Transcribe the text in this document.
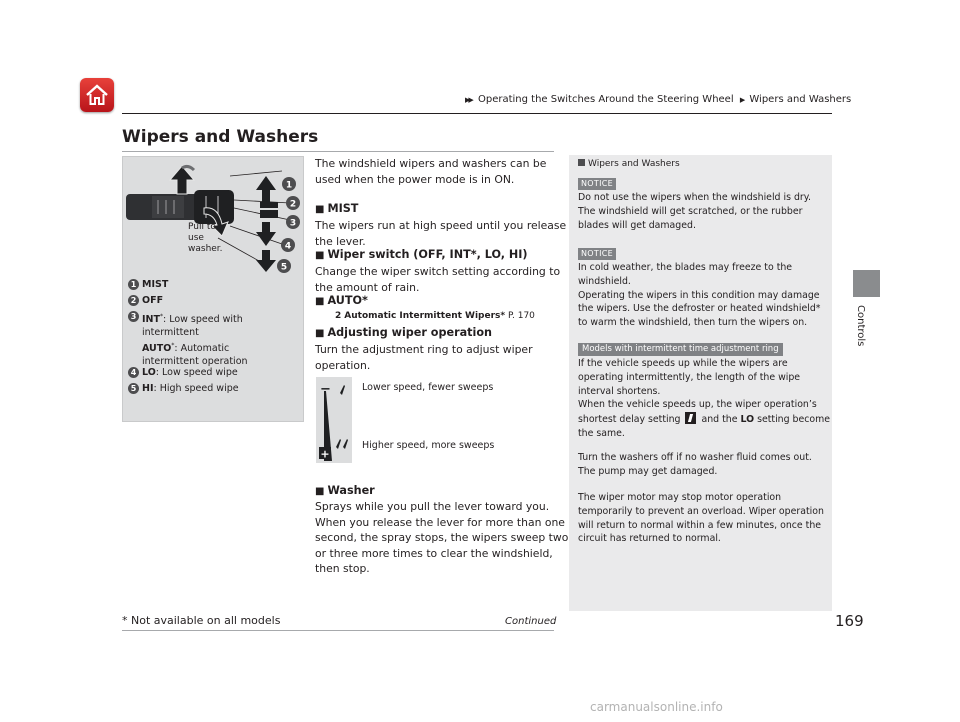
▶▶ Operating the Switches Around the Steering Wheel ▶ Wipers and Washers
Wipers and Washers
Controls
1
2
3
4
5
Pull to
use
washer.
1 MIST
2 OFF
3 INT*: Low speed with
intermittent
AUTO*: Automatic
intermittent operation
4 LO: Low speed wipe
5 HI: High speed wipe
The windshield wipers and washers can be
used when the power mode is in ON.
■ MIST
The wipers run at high speed until you release
the lever.
■ Wiper switch (OFF, INT*, LO, HI)
Change the wiper switch setting according to
the amount of rain.
■ AUTO*
2 Automatic Intermittent Wipers* P. 170
■ Adjusting wiper operation
Turn the adjustment ring to adjust wiper
operation.
−
+
Lower speed, fewer sweeps
Higher speed, more sweeps
■ Washer
Sprays while you pull the lever toward you.
When you release the lever for more than one
second, the spray stops, the wipers sweep two
or three more times to clear the windshield,
then stop.
Wipers and Washers
NOTICE
Do not use the wipers when the windshield is dry.
The windshield will get scratched, or the rubber
blades will get damaged.
NOTICE
In cold weather, the blades may freeze to the
windshield.
Operating the wipers in this condition may damage
the wipers. Use the defroster or heated windshield*
to warm the windshield, then turn the wipers on.
Models with intermittent time adjustment ring
If the vehicle speeds up while the wipers are
operating intermittently, the length of the wipe
interval shortens.
When the vehicle speeds up, the wiper operation’s
shortest delay setting and the LO setting become
the same.
Turn the washers off if no washer fluid comes out.
The pump may get damaged.
The wiper motor may stop motor operation
temporarily to prevent an overload. Wiper operation
will return to normal within a few minutes, once the
circuit has returned to normal.
Continued	169
* Not available on all models
carmanualsonline.info
